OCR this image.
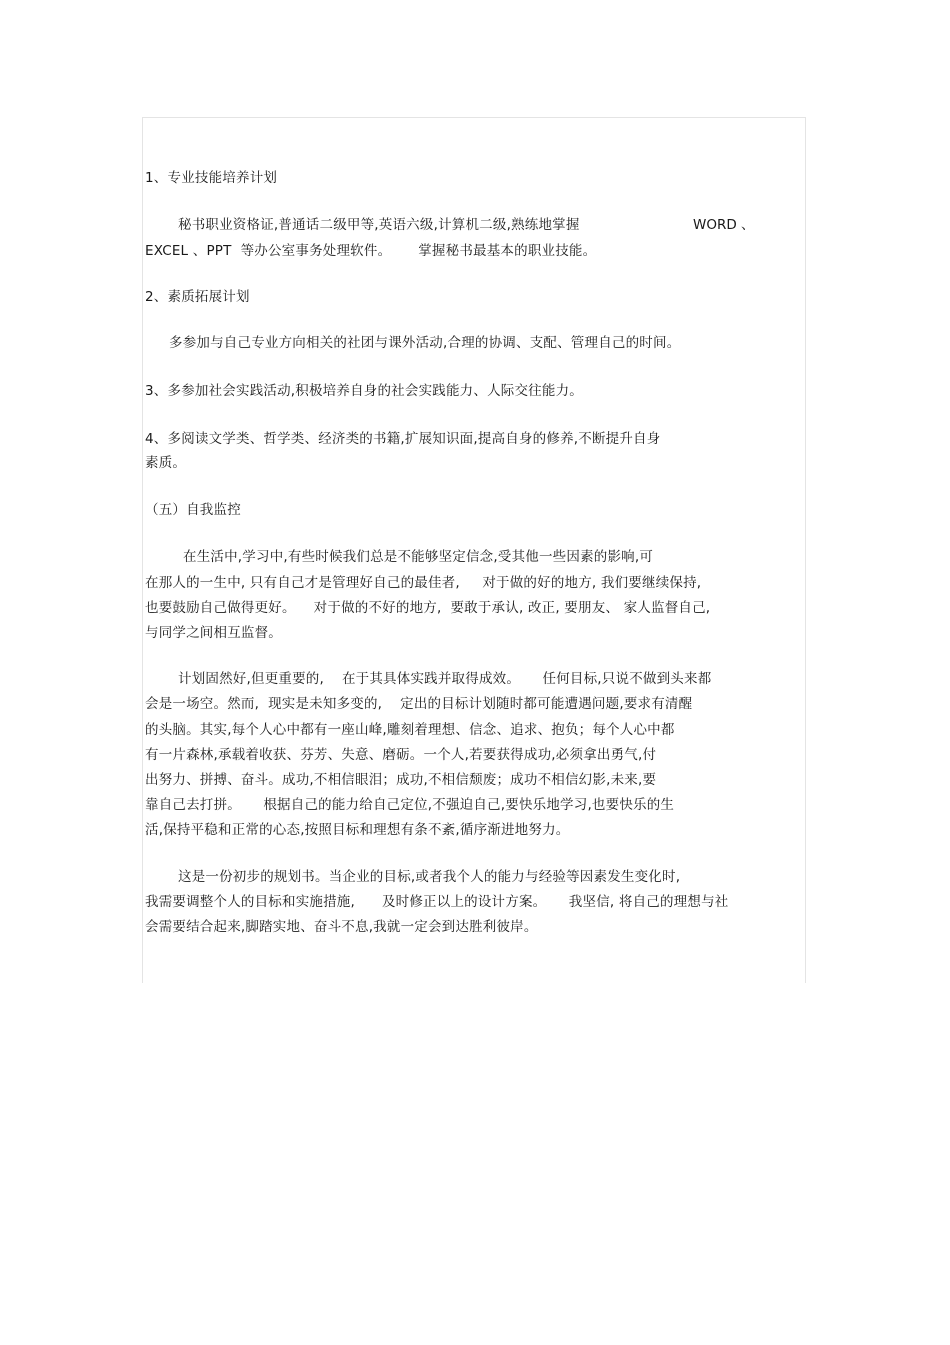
1、专业技能培养计划
秘书职业资格证,普通话二级甲等,英语六级,计算机二级,熟练地掌握	WORD 、
EXCEL 、PPT  等办公室事务处理软件。      掌握秘书最基本的职业技能。
2、素质拓展计划
多参加与自己专业方向相关的社团与课外活动,合理的协调、支配、管理自己的时间。
3、多参加社会实践活动,积极培养自身的社会实践能力、人际交往能力。
4、多阅读文学类、哲学类、经济类的书籍,扩展知识面,提高自身的修养,不断提升自身
素质。
（五）自我监控
在生活中,学习中,有些时候我们总是不能够坚定信念,受其他一些因素的影响,可
在那人的一生中, 只有自己才是管理好自己的最佳者,     对于做的好的地方, 我们要继续保持,
也要鼓励自己做得更好。    对于做的不好的地方,  要敢于承认, 改正, 要朋友、 家人监督自己,
与同学之间相互监督。
计划固然好,但更重要的,    在于其具体实践并取得成效。     任何目标,只说不做到头来都
会是一场空。然而,  现实是未知多变的,    定出的目标计划随时都可能遭遇问题,要求有清醒
的头脑。其实,每个人心中都有一座山峰,雕刻着理想、信念、追求、抱负；每个人心中都
有一片森林,承载着收获、芬芳、失意、磨砺。一个人,若要获得成功,必须拿出勇气,付
出努力、拼搏、奋斗。成功,不相信眼泪；成功,不相信颓废；成功不相信幻影,未来,要
靠自己去打拼。     根据自己的能力给自己定位,不强迫自己,要快乐地学习,也要快乐的生
活,保持平稳和正常的心态,按照目标和理想有条不紊,循序渐进地努力。
这是一份初步的规划书。当企业的目标,或者我个人的能力与经验等因素发生变化时,
我需要调整个人的目标和实施措施,      及时修正以上的设计方案。     我坚信, 将自己的理想与社
会需要结合起来,脚踏实地、奋斗不息,我就一定会到达胜利彼岸。
